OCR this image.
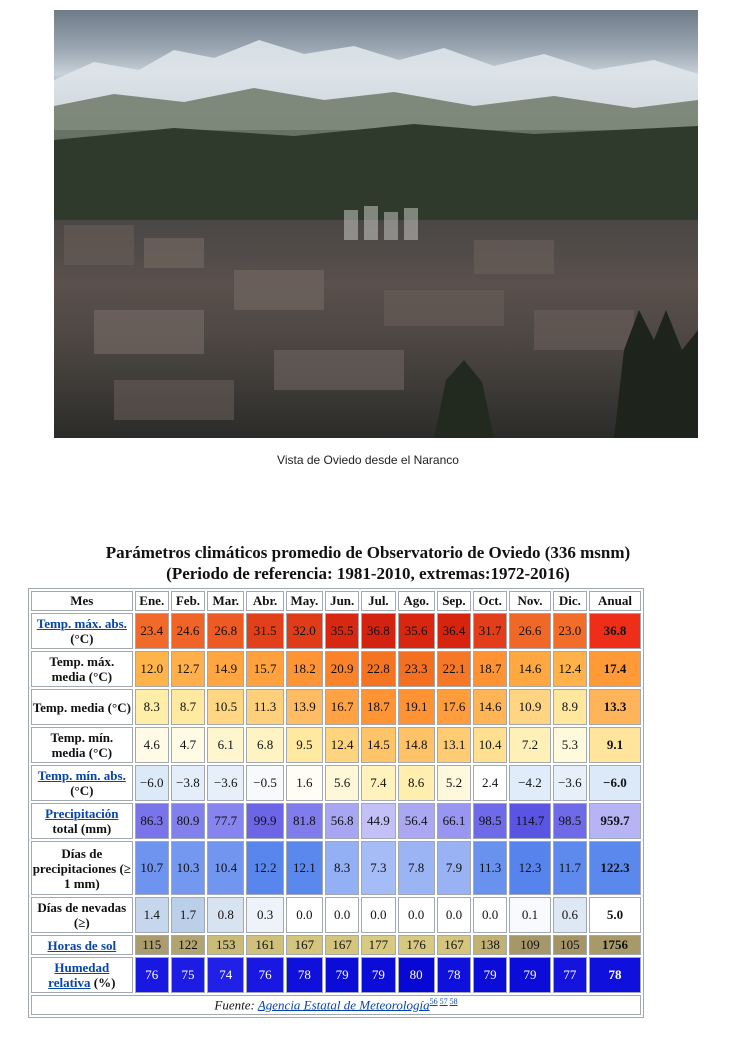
Vista de Oviedo desde el Naranco
Parámetros climáticos promedio de Observatorio de Oviedo (336 msnm)
(Periodo de referencia: 1981-2010, extremas:1972-2016)
Mes	Ene.	Feb.	Mar.	Abr.	May.	Jun.	Jul.	Ago.	Sep.	Oct.	Nov.	Dic.	Anual
Temp. máx. abs. (°C)	23.4	24.6	26.8	31.5	32.0	35.5	36.8	35.6	36.4	31.7	26.6	23.0	36.8
Temp. máx. media (°C)	12.0	12.7	14.9	15.7	18.2	20.9	22.8	23.3	22.1	18.7	14.6	12.4	17.4
Temp. media (°C)	8.3	8.7	10.5	11.3	13.9	16.7	18.7	19.1	17.6	14.6	10.9	8.9	13.3
Temp. mín. media (°C)	4.6	4.7	6.1	6.8	9.5	12.4	14.5	14.8	13.1	10.4	7.2	5.3	9.1
Temp. mín. abs. (°C)	−6.0	−3.8	−3.6	−0.5	1.6	5.6	7.4	8.6	5.2	2.4	−4.2	−3.6	−6.0
Precipitación total (mm)	86.3	80.9	77.7	99.9	81.8	56.8	44.9	56.4	66.1	98.5	114.7	98.5	959.7
Días de precipitaciones (≥ 1 mm)	10.7	10.3	10.4	12.2	12.1	8.3	7.3	7.8	7.9	11.3	12.3	11.7	122.3
Días de nevadas (≥)	1.4	1.7	0.8	0.3	0.0	0.0	0.0	0.0	0.0	0.0	0.1	0.6	5.0
Horas de sol	115	122	153	161	167	167	177	176	167	138	109	105	1756
Humedad relativa (%)	76	75	74	76	78	79	79	80	78	79	79	77	78
Fuente: Agencia Estatal de Meteorología$^{56 57 58}$
